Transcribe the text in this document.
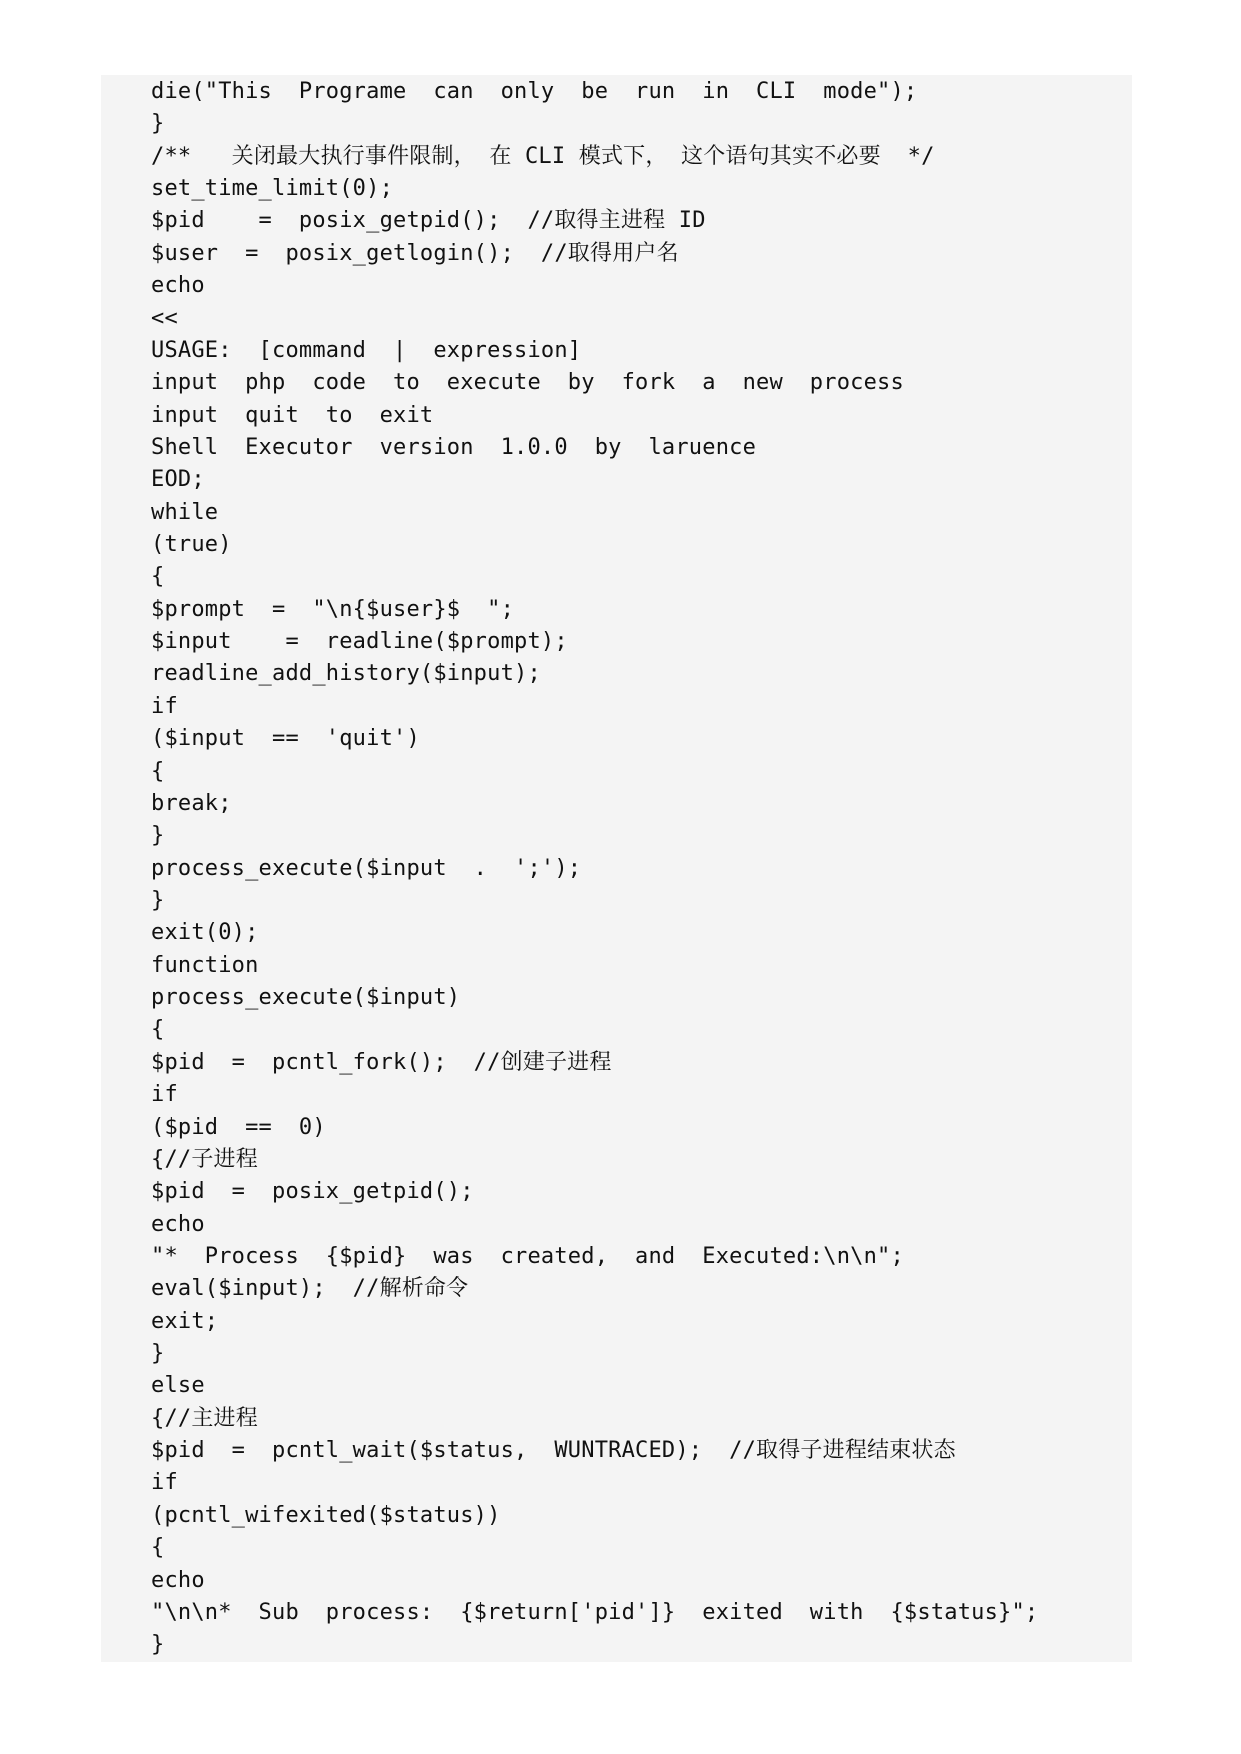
die("This  Programe  can  only  be  run  in  CLI  mode");
}
/**   关闭最大执行事件限制， 在 CLI 模式下， 这个语句其实不必要  */
set_time_limit(0);
$pid    =  posix_getpid();  //取得主进程 ID
$user  =  posix_getlogin();  //取得用户名
echo
<<
USAGE:  [command  |  expression]
input  php  code  to  execute  by  fork  a  new  process
input  quit  to  exit
Shell  Executor  version  1.0.0  by  laruence
EOD;
while
(true)
{
$prompt  =  "\n{$user}$  ";
$input    =  readline($prompt);
readline_add_history($input);
if
($input  ==  'quit')
{
break;
}
process_execute($input  .  ';');
}
exit(0);
function
process_execute($input)
{
$pid  =  pcntl_fork();  //创建子进程
if
($pid  ==  0)
{//子进程
$pid  =  posix_getpid();
echo
"*  Process  {$pid}  was  created,  and  Executed:\n\n";
eval($input);  //解析命令
exit;
}
else
{//主进程
$pid  =  pcntl_wait($status,  WUNTRACED);  //取得子进程结束状态
if
(pcntl_wifexited($status))
{
echo
"\n\n*  Sub  process:  {$return['pid']}  exited  with  {$status}";
}
